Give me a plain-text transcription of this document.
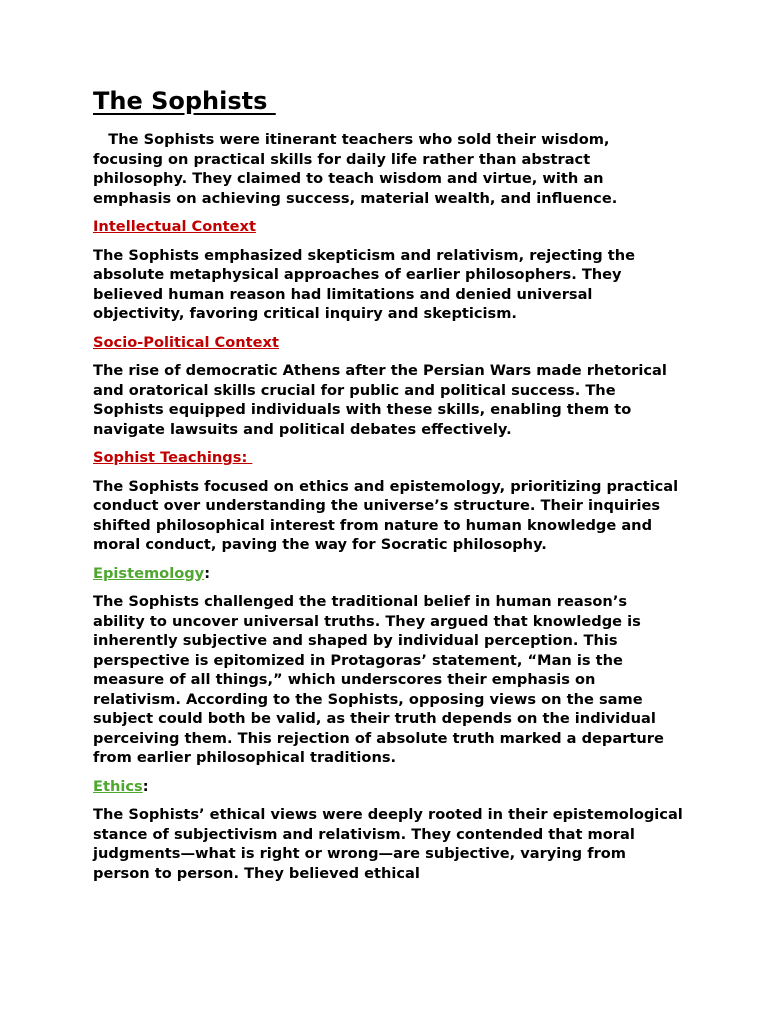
The Sophists

The Sophists were itinerant teachers who sold their wisdom, focusing on practical skills for daily life rather than abstract philosophy. They claimed to teach wisdom and virtue, with an emphasis on achieving success, material wealth, and influence.

Intellectual Context

The Sophists emphasized skepticism and relativism, rejecting the absolute metaphysical approaches of earlier philosophers. They believed human reason had limitations and denied universal objectivity, favoring critical inquiry and skepticism.

Socio-Political Context

The rise of democratic Athens after the Persian Wars made rhetorical and oratorical skills crucial for public and political success. The Sophists equipped individuals with these skills, enabling them to navigate lawsuits and political debates effectively.

Sophist Teachings:

The Sophists focused on ethics and epistemology, prioritizing practical conduct over understanding the universe’s structure. Their inquiries shifted philosophical interest from nature to human knowledge and moral conduct, paving the way for Socratic philosophy.

Epistemology:

The Sophists challenged the traditional belief in human reason’s ability to uncover universal truths. They argued that knowledge is inherently subjective and shaped by individual perception. This perspective is epitomized in Protagoras’ statement, “Man is the measure of all things,” which underscores their emphasis on relativism. According to the Sophists, opposing views on the same subject could both be valid, as their truth depends on the individual perceiving them. This rejection of absolute truth marked a departure from earlier philosophical traditions.

Ethics:

The Sophists’ ethical views were deeply rooted in their epistemological stance of subjectivism and relativism. They contended that moral judgments—what is right or wrong—are subjective, varying from person to person. They believed ethical
